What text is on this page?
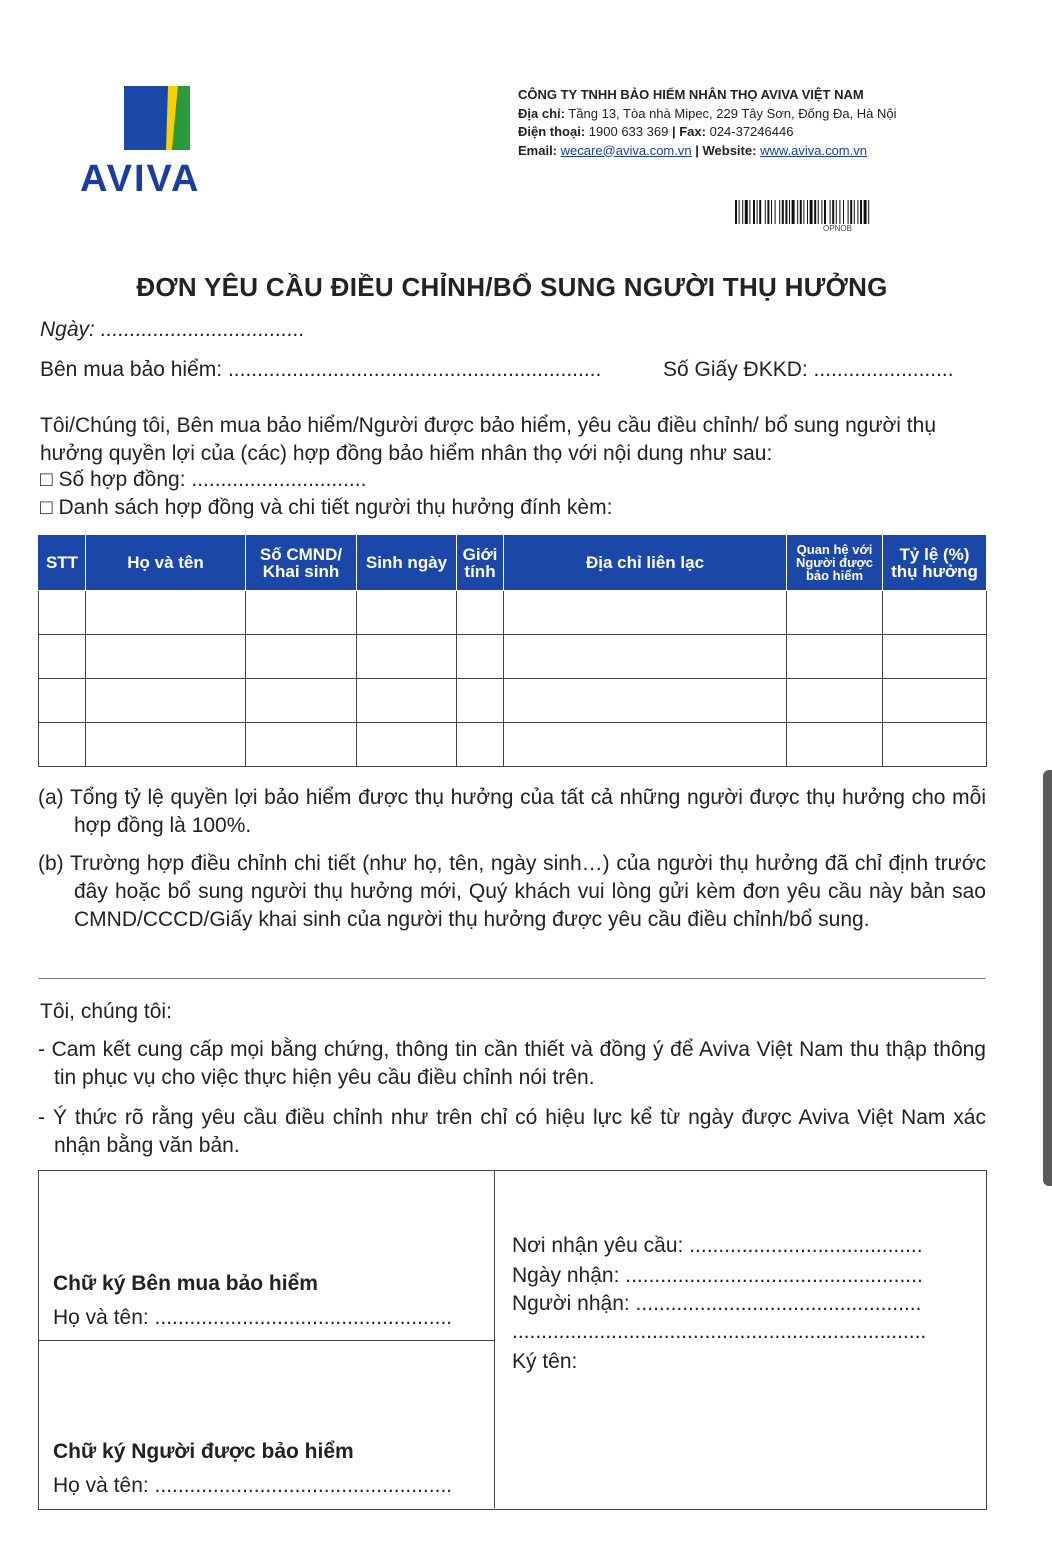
AVIVA
CÔNG TY TNHH BẢO HIỂM NHÂN THỌ AVIVA VIỆT NAM
Địa chỉ: Tầng 13, Tòa nhà Mipec, 229 Tây Sơn, Đống Đa, Hà Nội
Điện thoại: 1900 633 369 | Fax: 024-37246446
Email: wecare@aviva.com.vn | Website: www.aviva.com.vn
OPNOB
ĐƠN YÊU CẦU ĐIỀU CHỈNH/BỔ SUNG NGƯỜI THỤ HƯỞNG
Ngày: ...................................
Bên mua bảo hiểm: ................................................................	Số Giấy ĐKKD: ........................
Tôi/Chúng tôi, Bên mua bảo hiểm/Người được bảo hiểm, yêu cầu điều chỉnh/ bổ sung người thụ hưởng quyền lợi của (các) hợp đồng bảo hiểm nhân thọ với nội dung như sau:
□ Số hợp đồng: ..............................
□ Danh sách hợp đồng và chi tiết người thụ hưởng đính kèm:
STT	Họ và tên	Số CMND/ Khai sinh	Sinh ngày	Giới tính	Địa chỉ liên lạc	Quan hệ với Người được bảo hiểm	Tỷ lệ (%) thụ hưởng

(a) Tổng tỷ lệ quyền lợi bảo hiểm được thụ hưởng của tất cả những người được thụ hưởng cho mỗi hợp đồng là 100%.
(b) Trường hợp điều chỉnh chi tiết (như họ, tên, ngày sinh…) của người thụ hưởng đã chỉ định trước đây hoặc bổ sung người thụ hưởng mới, Quý khách vui lòng gửi kèm đơn yêu cầu này bản sao CMND/CCCD/Giấy khai sinh của người thụ hưởng được yêu cầu điều chỉnh/bổ sung.
Tôi, chúng tôi:
- Cam kết cung cấp mọi bằng chứng, thông tin cần thiết và đồng ý để Aviva Việt Nam thu thập thông tin phục vụ cho việc thực hiện yêu cầu điều chỉnh nói trên.
- Ý thức rõ rằng yêu cầu điều chỉnh như trên chỉ có hiệu lực kể từ ngày được Aviva Việt Nam xác nhận bằng văn bản.
Chữ ký Bên mua bảo hiểm
Họ và tên: ...................................................
Chữ ký Người được bảo hiểm
Họ và tên: ...................................................
Nơi nhận yêu cầu: ........................................
Ngày nhận: ...................................................
Người nhận: .................................................
.......................................................................
Ký tên:
